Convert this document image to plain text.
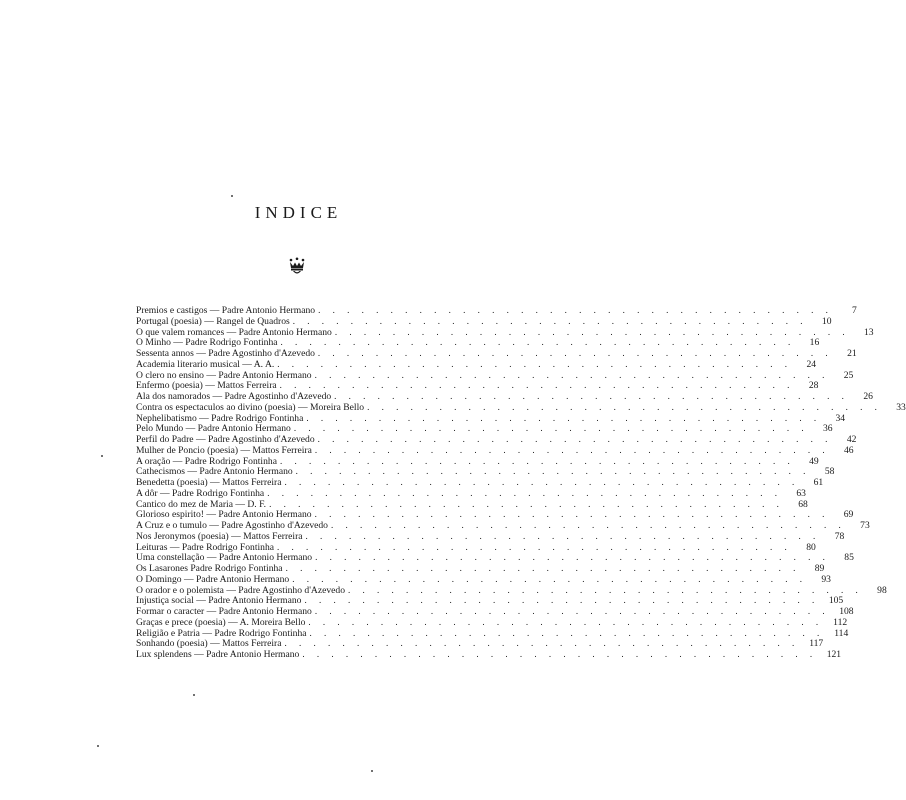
INDICE
Premios e castigos — Padre Antonio Hermano . . . . . . . . . . . . . . . . . . . . . . . . . . . . . . . . . . . .	7
Portugal (poesia) — Rangel de Quadros . . . . . . . . . . . . . . . . . . . . . . . . . . . . . . . . . . . .	10
O que valem romances — Padre Antonio Hermano . . . . . . . . . . . . . . . . . . . . . . . . . . . . . . . . . . . .	13
O Minho — Padre Rodrigo Fontinha . . . . . . . . . . . . . . . . . . . . . . . . . . . . . . . . . . . .	16
Sessenta annos — Padre Agostinho d'Azevedo . . . . . . . . . . . . . . . . . . . . . . . . . . . . . . . . . . . .	21
Academia literario musical — A. A. . . . . . . . . . . . . . . . . . . . . . . . . . . . . . . . . . . . .	24
O clero no ensino — Padre Antonio Hermano . . . . . . . . . . . . . . . . . . . . . . . . . . . . . . . . . . . .	25
Enfermo (poesia) — Mattos Ferreira . . . . . . . . . . . . . . . . . . . . . . . . . . . . . . . . . . . .	28
Ala dos namorados — Padre Agostinho d'Azevedo . . . . . . . . . . . . . . . . . . . . . . . . . . . . . . . . . . . .	26
Contra os espectaculos ao divino (poesia) — Moreira Bello . . . . . . . . . . . . . . . . . . . . . . . . . . . . . . . . . . . .	33
Nephelibatismo — Padre Rodrigo Fontinha . . . . . . . . . . . . . . . . . . . . . . . . . . . . . . . . . . . .	34
Pelo Mundo — Padre Antonio Hermano . . . . . . . . . . . . . . . . . . . . . . . . . . . . . . . . . . . .	36
Perfil do Padre — Padre Agostinho d'Azevedo . . . . . . . . . . . . . . . . . . . . . . . . . . . . . . . . . . . .	42
Mulher de Poncio (poesia) — Mattos Ferreira . . . . . . . . . . . . . . . . . . . . . . . . . . . . . . . . . . . .	46
A oração — Padre Rodrigo Fontinha . . . . . . . . . . . . . . . . . . . . . . . . . . . . . . . . . . . .	49
Cathecismos — Padre Antonio Hermano . . . . . . . . . . . . . . . . . . . . . . . . . . . . . . . . . . . .	58
Benedetta (poesia) — Mattos Ferreira . . . . . . . . . . . . . . . . . . . . . . . . . . . . . . . . . . . .	61
A dôr — Padre Rodrigo Fontinha . . . . . . . . . . . . . . . . . . . . . . . . . . . . . . . . . . . .	63
Cantico do mez de Maria — D. F. . . . . . . . . . . . . . . . . . . . . . . . . . . . . . . . . . . . .	68
Glorioso espirito! — Padre Antonio Hermano . . . . . . . . . . . . . . . . . . . . . . . . . . . . . . . . . . . .	69
A Cruz e o tumulo — Padre Agostinho d'Azevedo . . . . . . . . . . . . . . . . . . . . . . . . . . . . . . . . . . . .	73
Nos Jeronymos (poesia) — Mattos Ferreira . . . . . . . . . . . . . . . . . . . . . . . . . . . . . . . . . . . .	78
Leituras — Padre Rodrigo Fontinha . . . . . . . . . . . . . . . . . . . . . . . . . . . . . . . . . . . .	80
Uma constellação — Padre Antonio Hermano . . . . . . . . . . . . . . . . . . . . . . . . . . . . . . . . . . . .	85
Os Lasarones Padre Rodrigo Fontinha . . . . . . . . . . . . . . . . . . . . . . . . . . . . . . . . . . . .	89
O Domingo — Padre Antonio Hermano . . . . . . . . . . . . . . . . . . . . . . . . . . . . . . . . . . . .	93
O orador e o polemista — Padre Agostinho d'Azevedo . . . . . . . . . . . . . . . . . . . . . . . . . . . . . . . . . . . .	98
Injustiça social — Padre Antonio Hermano . . . . . . . . . . . . . . . . . . . . . . . . . . . . . . . . . . . .	105
Formar o caracter — Padre Antonio Hermano . . . . . . . . . . . . . . . . . . . . . . . . . . . . . . . . . . . .	108
Graças e prece (poesia) — A. Moreira Bello . . . . . . . . . . . . . . . . . . . . . . . . . . . . . . . . . . . .	112
Religião e Patria — Padre Rodrigo Fontinha . . . . . . . . . . . . . . . . . . . . . . . . . . . . . . . . . . . .	114
Sonhando (poesia) — Mattos Ferreira . . . . . . . . . . . . . . . . . . . . . . . . . . . . . . . . . . . .	117
Lux splendens — Padre Antonio Hermano . . . . . . . . . . . . . . . . . . . . . . . . . . . . . . . . . . . .	121
